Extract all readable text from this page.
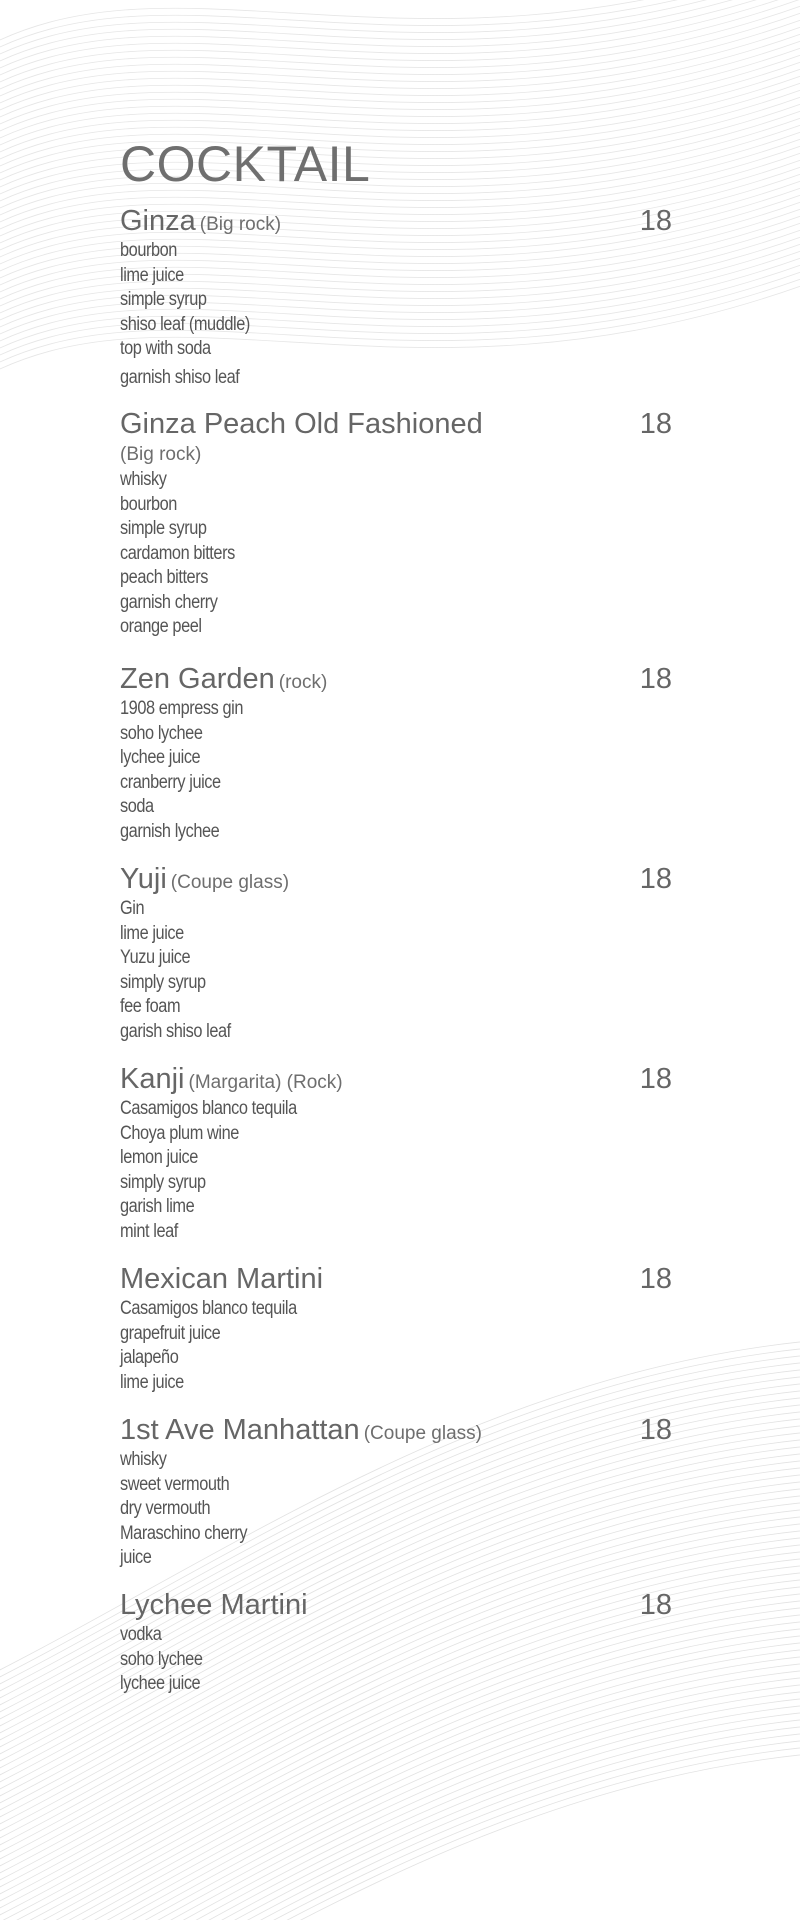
COCKTAIL
Ginza (Big rock)	18
bourbon
lime juice
simple syrup
shiso leaf (muddle)
top with soda
garnish shiso leaf
Ginza Peach Old Fashioned	18
(Big rock)
whisky
bourbon
simple syrup
cardamon bitters
peach bitters
garnish cherry
orange peel
Zen Garden (rock)	18
1908 empress gin
soho lychee
lychee juice
cranberry juice
soda
garnish lychee
Yuji (Coupe glass)	18
Gin
lime juice
Yuzu juice
simply syrup
fee foam
garish shiso leaf
Kanji (Margarita) (Rock)	18
Casamigos blanco tequila
Choya plum wine
lemon juice
simply syrup
garish lime
mint leaf
Mexican Martini	18
Casamigos blanco tequila
grapefruit juice
jalapeño
lime juice
1st Ave Manhattan (Coupe glass)	18
whisky
sweet vermouth
dry vermouth
Maraschino cherry
juice
Lychee Martini	18
vodka
soho lychee
lychee juice
